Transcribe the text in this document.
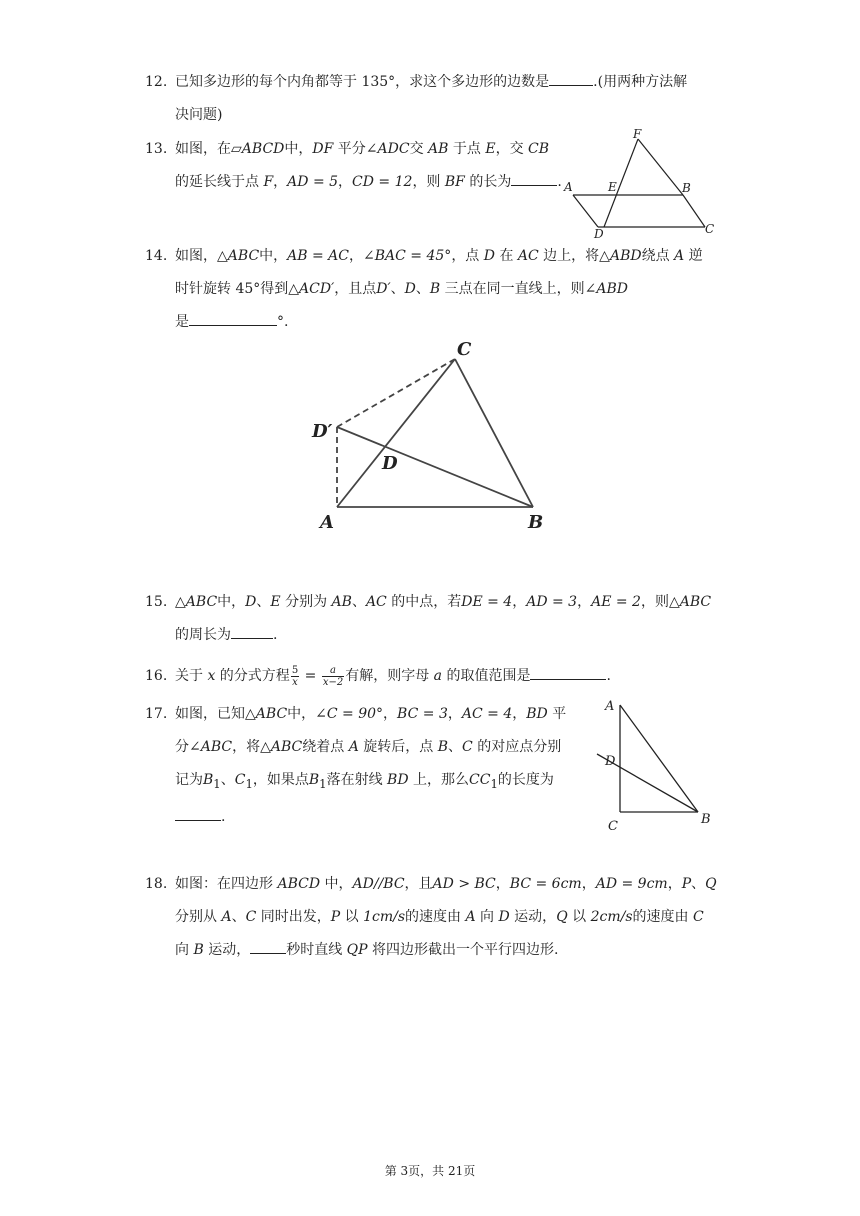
12. 已知多边形的每个内角都等于 135°，求这个多边形的边数是	.(用两种方法解

决问题)

13. 如图，在▱ABCD中，DF 平分∠ADC交 AB 于点 E，交 CB

的延长线于点 F，AD = 5，CD = 12，则 BF 的长为	.

F
A	E	B
D	C
14. 如图，△ABC中，AB = AC，∠BAC = 45°，点 D 在 AC 边上，将△ABD绕点 A 逆

时针旋转 45°得到△ACD′，且点D′、D、B 三点在同一直线上，则∠ABD

是	°.

C
D′
D
A	B
15. △ABC中，D、E 分别为 AB、AC 的中点，若DE = 4，AD = 3，AE = 2，则△ABC

的周长为	.

16. 关于 x 的分式方程 $\frac{5}{x} = \frac{a}{x-2}$ 有解，则字母 a 的取值范围是	.

17. 如图，已知△ABC中，∠C = 90°，BC = 3，AC = 4，BD 平

分∠ABC，将△ABC绕着点 A 旋转后，点 B、C 的对应点分别

记为$B_1$、$C_1$，如果点$B_1$落在射线 BD 上，那么$CC_1$的长度为

.

A
D
C	B
18. 如图：在四边形 ABCD 中，AD//BC，且AD > BC，BC = 6cm，AD = 9cm，P、Q

分别从 A、C 同时出发，P 以 1cm/s的速度由 A 向 D 运动，Q 以 2cm/s的速度由 C

向 B 运动，	秒时直线 QP 将四边形截出一个平行四边形.

第 3页，共 21页
